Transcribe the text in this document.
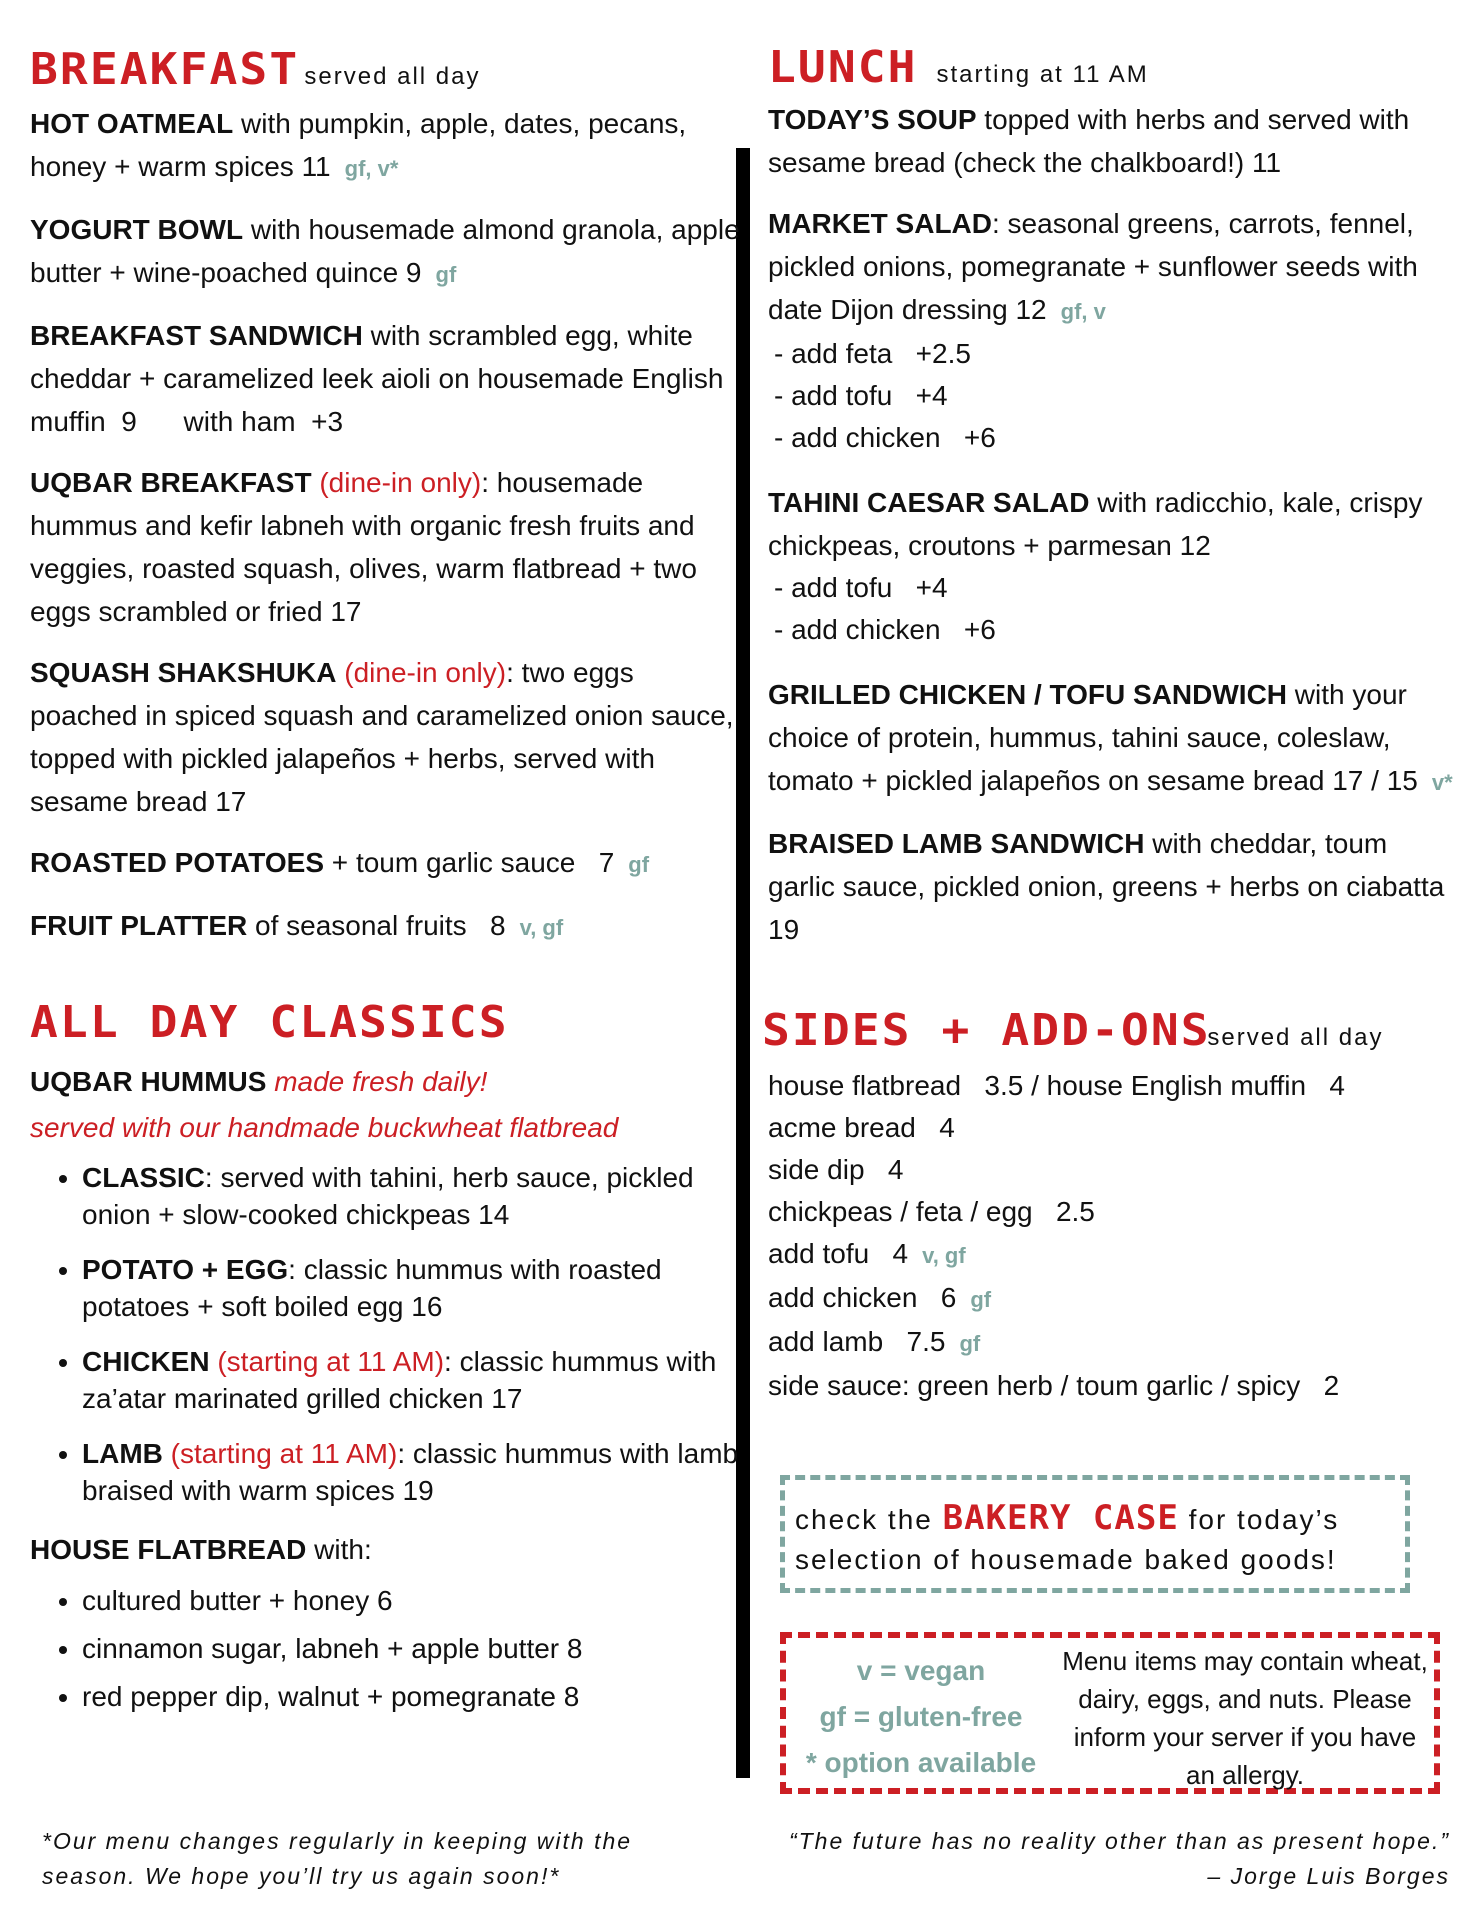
BREAKFAST served all day
HOT OATMEAL with pumpkin, apple, dates, pecans, honey + warm spices 11 gf, v*
YOGURT BOWL with housemade almond granola, apple butter + wine-poached quince 9 gf
BREAKFAST SANDWICH with scrambled egg, white cheddar + caramelized leek aioli on housemade English muffin  9      with ham  +3
UQBAR BREAKFAST (dine-in only): housemade hummus and kefir labneh with organic fresh fruits and veggies, roasted squash, olives, warm flatbread + two eggs scrambled or fried 17
SQUASH SHAKSHUKA (dine-in only): two eggs poached in spiced squash and caramelized onion sauce, topped with pickled jalapeños + herbs, served with sesame bread 17
ROASTED POTATOES + toum garlic sauce   7 gf
FRUIT PLATTER of seasonal fruits   8 v, gf
ALL DAY CLASSICS
UQBAR HUMMUS made fresh daily!
served with our handmade buckwheat flatbread
• CLASSIC: served with tahini, herb sauce, pickled onion + slow-cooked chickpeas 14
• POTATO + EGG: classic hummus with roasted potatoes + soft boiled egg 16
• CHICKEN (starting at 11 AM): classic hummus with za’atar marinated grilled chicken 17
• LAMB (starting at 11 AM): classic hummus with lamb braised with warm spices 19
HOUSE FLATBREAD with:
• cultured butter + honey 6
• cinnamon sugar, labneh + apple butter 8
• red pepper dip, walnut + pomegranate 8
LUNCH starting at 11 AM
TODAY’S SOUP topped with herbs and served with sesame bread (check the chalkboard!) 11
MARKET SALAD: seasonal greens, carrots, fennel, pickled onions, pomegranate + sunflower seeds with date Dijon dressing 12 gf, v
- add feta   +2.5
- add tofu   +4
- add chicken   +6
TAHINI CAESAR SALAD with radicchio, kale, crispy chickpeas, croutons + parmesan 12
- add tofu   +4
- add chicken   +6
GRILLED CHICKEN / TOFU SANDWICH with your choice of protein, hummus, tahini sauce, coleslaw, tomato + pickled jalapeños on sesame bread 17 / 15 v*
BRAISED LAMB SANDWICH with cheddar, toum garlic sauce, pickled onion, greens + herbs on ciabatta 19
SIDES + ADD-ONS
served all day
house flatbread   3.5 / house English muffin   4
acme bread   4
side dip   4
chickpeas / feta / egg   2.5
add tofu   4 v, gf
add chicken   6 gf
add lamb   7.5 gf
side sauce: green herb / toum garlic / spicy   2
check the BAKERY CASE for today’s selection of housemade baked goods!
v = vegan
gf = gluten-free
* option available
Menu items may contain wheat, dairy, eggs, and nuts. Please inform your server if you have an allergy.
*Our menu changes regularly in keeping with the season. We hope you’ll try us again soon!*
“The future has no reality other than as present hope.”
– Jorge Luis Borges
